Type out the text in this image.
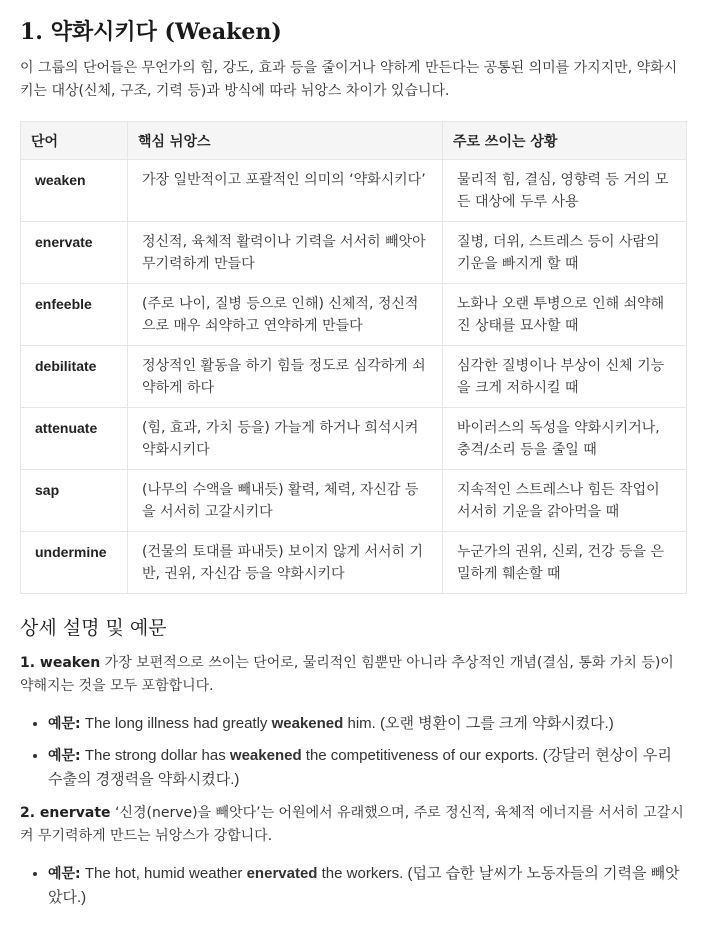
1. 약화시키다 (Weaken)

이 그룹의 단어들은 무언가의 힘, 강도, 효과 등을 줄이거나 약하게 만든다는 공통된 의미를 가지지만, 약화시키는 대상(신체, 구조, 기력 등)과 방식에 따라 뉘앙스 차이가 있습니다.

단어	핵심 뉘앙스	주로 쓰이는 상황
weaken	가장 일반적이고 포괄적인 의미의 ‘약화시키다’	물리적 힘, 결심, 영향력 등 거의 모든 대상에 두루 사용
enervate	정신적, 육체적 활력이나 기력을 서서히 빼앗아 무기력하게 만들다	질병, 더위, 스트레스 등이 사람의 기운을 빠지게 할 때
enfeeble	(주로 나이, 질병 등으로 인해) 신체적, 정신적으로 매우 쇠약하고 연약하게 만들다	노화나 오랜 투병으로 인해 쇠약해진 상태를 묘사할 때
debilitate	정상적인 활동을 하기 힘들 정도로 심각하게 쇠약하게 하다	심각한 질병이나 부상이 신체 기능을 크게 저하시킬 때
attenuate	(힘, 효과, 가치 등을) 가늘게 하거나 희석시켜 약화시키다	바이러스의 독성을 약화시키거나, 충격/소리 등을 줄일 때
sap	(나무의 수액을 빼내듯) 활력, 체력, 자신감 등을 서서히 고갈시키다	지속적인 스트레스나 힘든 작업이 서서히 기운을 갉아먹을 때
undermine	(건물의 토대를 파내듯) 보이지 않게 서서히 기반, 권위, 자신감 등을 약화시키다	누군가의 권위, 신뢰, 건강 등을 은밀하게 훼손할 때
상세 설명 및 예문

1. weaken 가장 보편적으로 쓰이는 단어로, 물리적인 힘뿐만 아니라 추상적인 개념(결심, 통화 가치 등)이 약해지는 것을 모두 포함합니다.

• 예문: The long illness had greatly weakened him. (오랜 병환이 그를 크게 약화시켰다.)
• 예문: The strong dollar has weakened the competitiveness of our exports. (강달러 현상이 우리 수출의 경쟁력을 약화시켰다.)

2. enervate ‘신경(nerve)을 빼앗다’는 어원에서 유래했으며, 주로 정신적, 육체적 에너지를 서서히 고갈시켜 무기력하게 만드는 뉘앙스가 강합니다.

• 예문: The hot, humid weather enervated the workers. (덥고 습한 날씨가 노동자들의 기력을 빼앗았다.)
